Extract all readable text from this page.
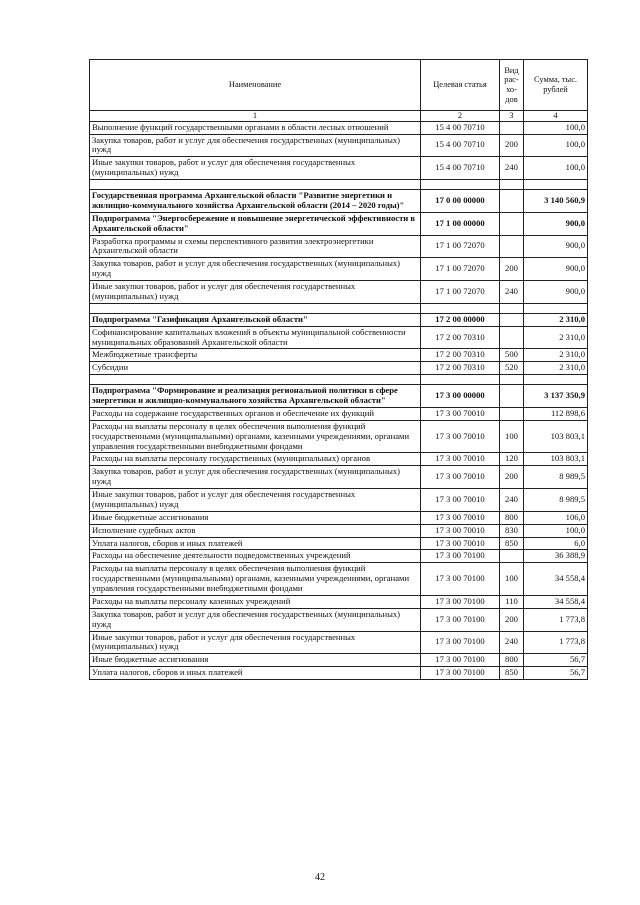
Наименование	Целевая статья	Вид рас-хо-дов	Сумма, тыс. рублей
1	2	3	4
Выполнение функций государственными органами в области лесных отношений	15 4 00 70710		100,0
Закупка товаров, работ и услуг для обеспечения государственных (муниципальных) нужд	15 4 00 70710	200	100,0
Иные закупки товаров, работ и услуг для обеспечения государственных (муниципальных) нужд	15 4 00 70710	240	100,0

Государственная программа Архангельской области "Развитие энергетики и жилищно-коммунального хозяйства Архангельской области (2014 – 2020 годы)"	17 0 00 00000		3 140 560,9
Подпрограмма "Энергосбережение и повышение энергетической эффективности в Архангельской области"	17 1 00 00000		900,0
Разработка программы и схемы перспективного развития электроэнергетики Архангельской области	17 1 00 72070		900,0
Закупка товаров, работ и услуг для обеспечения государственных (муниципальных) нужд	17 1 00 72070	200	900,0
Иные закупки товаров, работ и услуг для обеспечения государственных (муниципальных) нужд	17 1 00 72070	240	900,0

Подпрограмма "Газификация Архангельской области"	17 2 00 00000		2 310,0
Софинансирование капитальных вложений в объекты муниципальной собственности муниципальных образований Архангельской области	17 2 00 70310		2 310,0
Межбюджетные трансферты	17 2 00 70310	500	2 310,0
Субсидии	17 2 00 70310	520	2 310,0

Подпрограмма "Формирование и реализация региональной политики в сфере энергетики и жилищно-коммунального хозяйства Архангельской области"	17 3 00 00000		3 137 350,9
Расходы на содержание государственных органов и обеспечение их функций	17 3 00 70010		112 898,6
Расходы на выплаты персоналу в целях обеспечения выполнения функций государственными (муниципальными) органами, казенными учреждениями, органами управления государственными внебюджетными фондами	17 3 00 70010	100	103 803,1
Расходы на выплаты персоналу государственных (муниципальных) органов	17 3 00 70010	120	103 803,1
Закупка товаров, работ и услуг для обеспечения государственных (муниципальных) нужд	17 3 00 70010	200	8 989,5
Иные закупки товаров, работ и услуг для обеспечения государственных (муниципальных) нужд	17 3 00 70010	240	8 989,5
Иные бюджетные ассигнования	17 3 00 70010	800	106,0
Исполнение судебных актов	17 3 00 70010	830	100,0
Уплата налогов, сборов и иных платежей	17 3 00 70010	850	6,0
Расходы на обеспечение деятельности подведомственных учреждений	17 3 00 70100		36 388,9
Расходы на выплаты персоналу в целях обеспечения выполнения функций государственными (муниципальными) органами, казенными учреждениями, органами управления государственными внебюджетными фондами	17 3 00 70100	100	34 558,4
Расходы на выплаты персоналу казенных учреждений	17 3 00 70100	110	34 558,4
Закупка товаров, работ и услуг для обеспечения государственных (муниципальных) нужд	17 3 00 70100	200	1 773,8
Иные закупки товаров, работ и услуг для обеспечения государственных (муниципальных) нужд	17 3 00 70100	240	1 773,8
Иные бюджетные ассигнования	17 3 00 70100	800	56,7
Уплата налогов, сборов и иных платежей	17 3 00 70100	850	56,7
42
